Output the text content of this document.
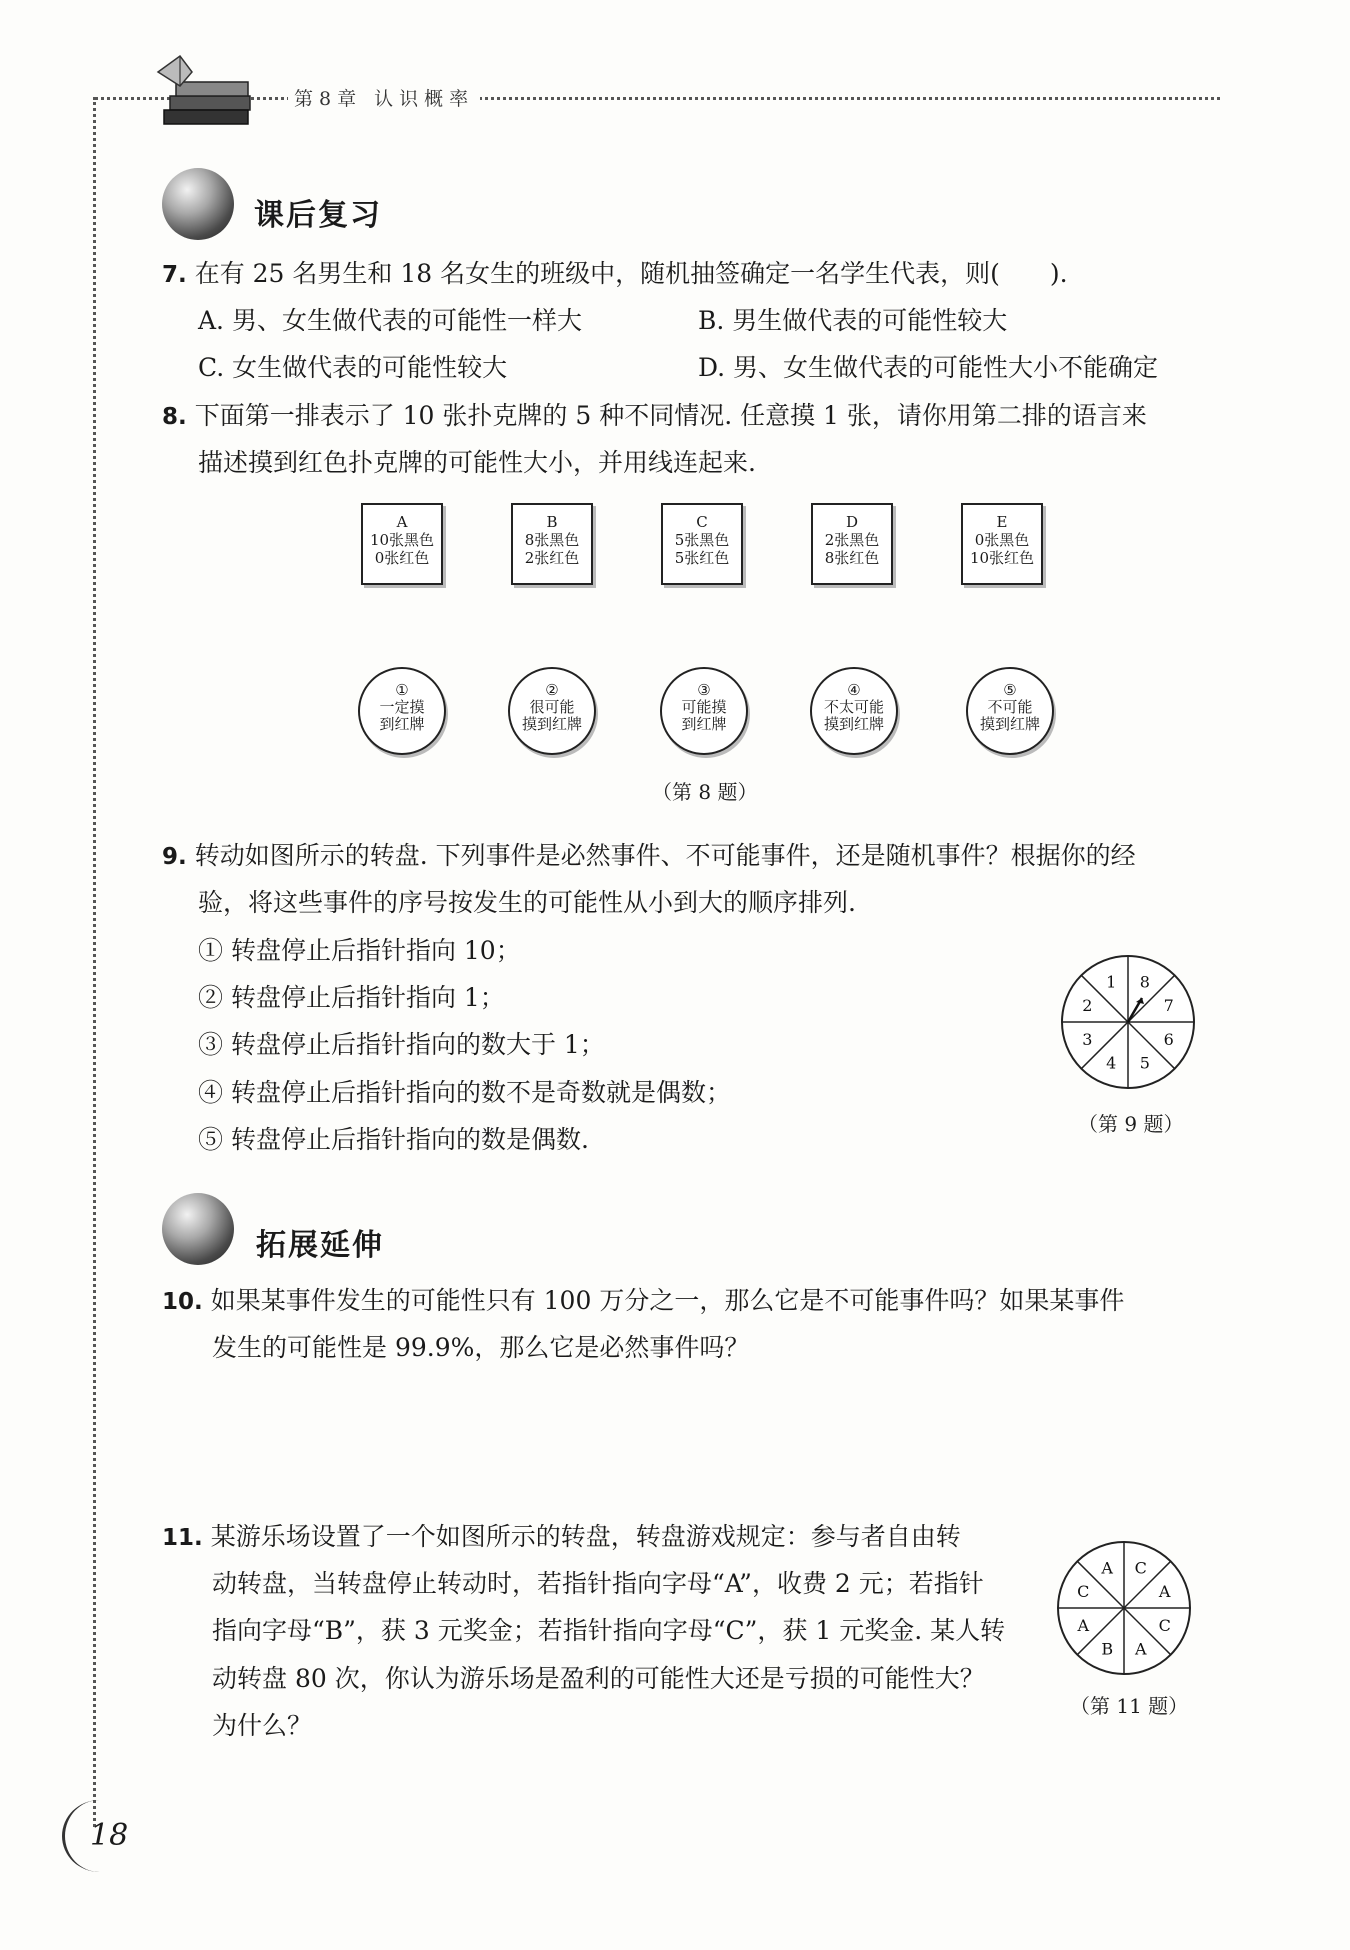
第8章 认识概率
课后复习
7. 在有 25 名男生和 18 名女生的班级中，随机抽签确定一名学生代表，则(　　).
A. 男、女生做代表的可能性一样大	B. 男生做代表的可能性较大
C. 女生做代表的可能性较大	D. 男、女生做代表的可能性大小不能确定
8. 下面第一排表示了 10 张扑克牌的 5 种不同情况. 任意摸 1 张，请你用第二排的语言来
描述摸到红色扑克牌的可能性大小，并用线连起来.
A
10张黑色
0张红色
B
8张黑色
2张红色
C
5张黑色
5张红色
D
2张黑色
8张红色
E
0张黑色
10张红色
①
一定摸
到红牌
②
很可能
摸到红牌
③
可能摸
到红牌
④
不太可能
摸到红牌
⑤
不可能
摸到红牌
（第 8 题）
9. 转动如图所示的转盘. 下列事件是必然事件、不可能事件，还是随机事件？根据你的经
验，将这些事件的序号按发生的可能性从小到大的顺序排列.
① 转盘停止后指针指向 10；
② 转盘停止后指针指向 1；
③ 转盘停止后指针指向的数大于 1；
④ 转盘停止后指针指向的数不是奇数就是偶数；
⑤ 转盘停止后指针指向的数是偶数.
1 8
7
6
5
4
3
2
（第 9 题）
拓展延伸
10. 如果某事件发生的可能性只有 100 万分之一，那么它是不可能事件吗？如果某事件
发生的可能性是 99.9%，那么它是必然事件吗？
11. 某游乐场设置了一个如图所示的转盘，转盘游戏规定：参与者自由转
动转盘，当转盘停止转动时，若指针指向字母“A”，收费 2 元；若指针
指向字母“B”，获 3 元奖金；若指针指向字母“C”，获 1 元奖金. 某人转
动转盘 80 次，你认为游乐场是盈利的可能性大还是亏损的可能性大？
为什么？
A C
A
C
A
B
A
C
（第 11 题）
18
